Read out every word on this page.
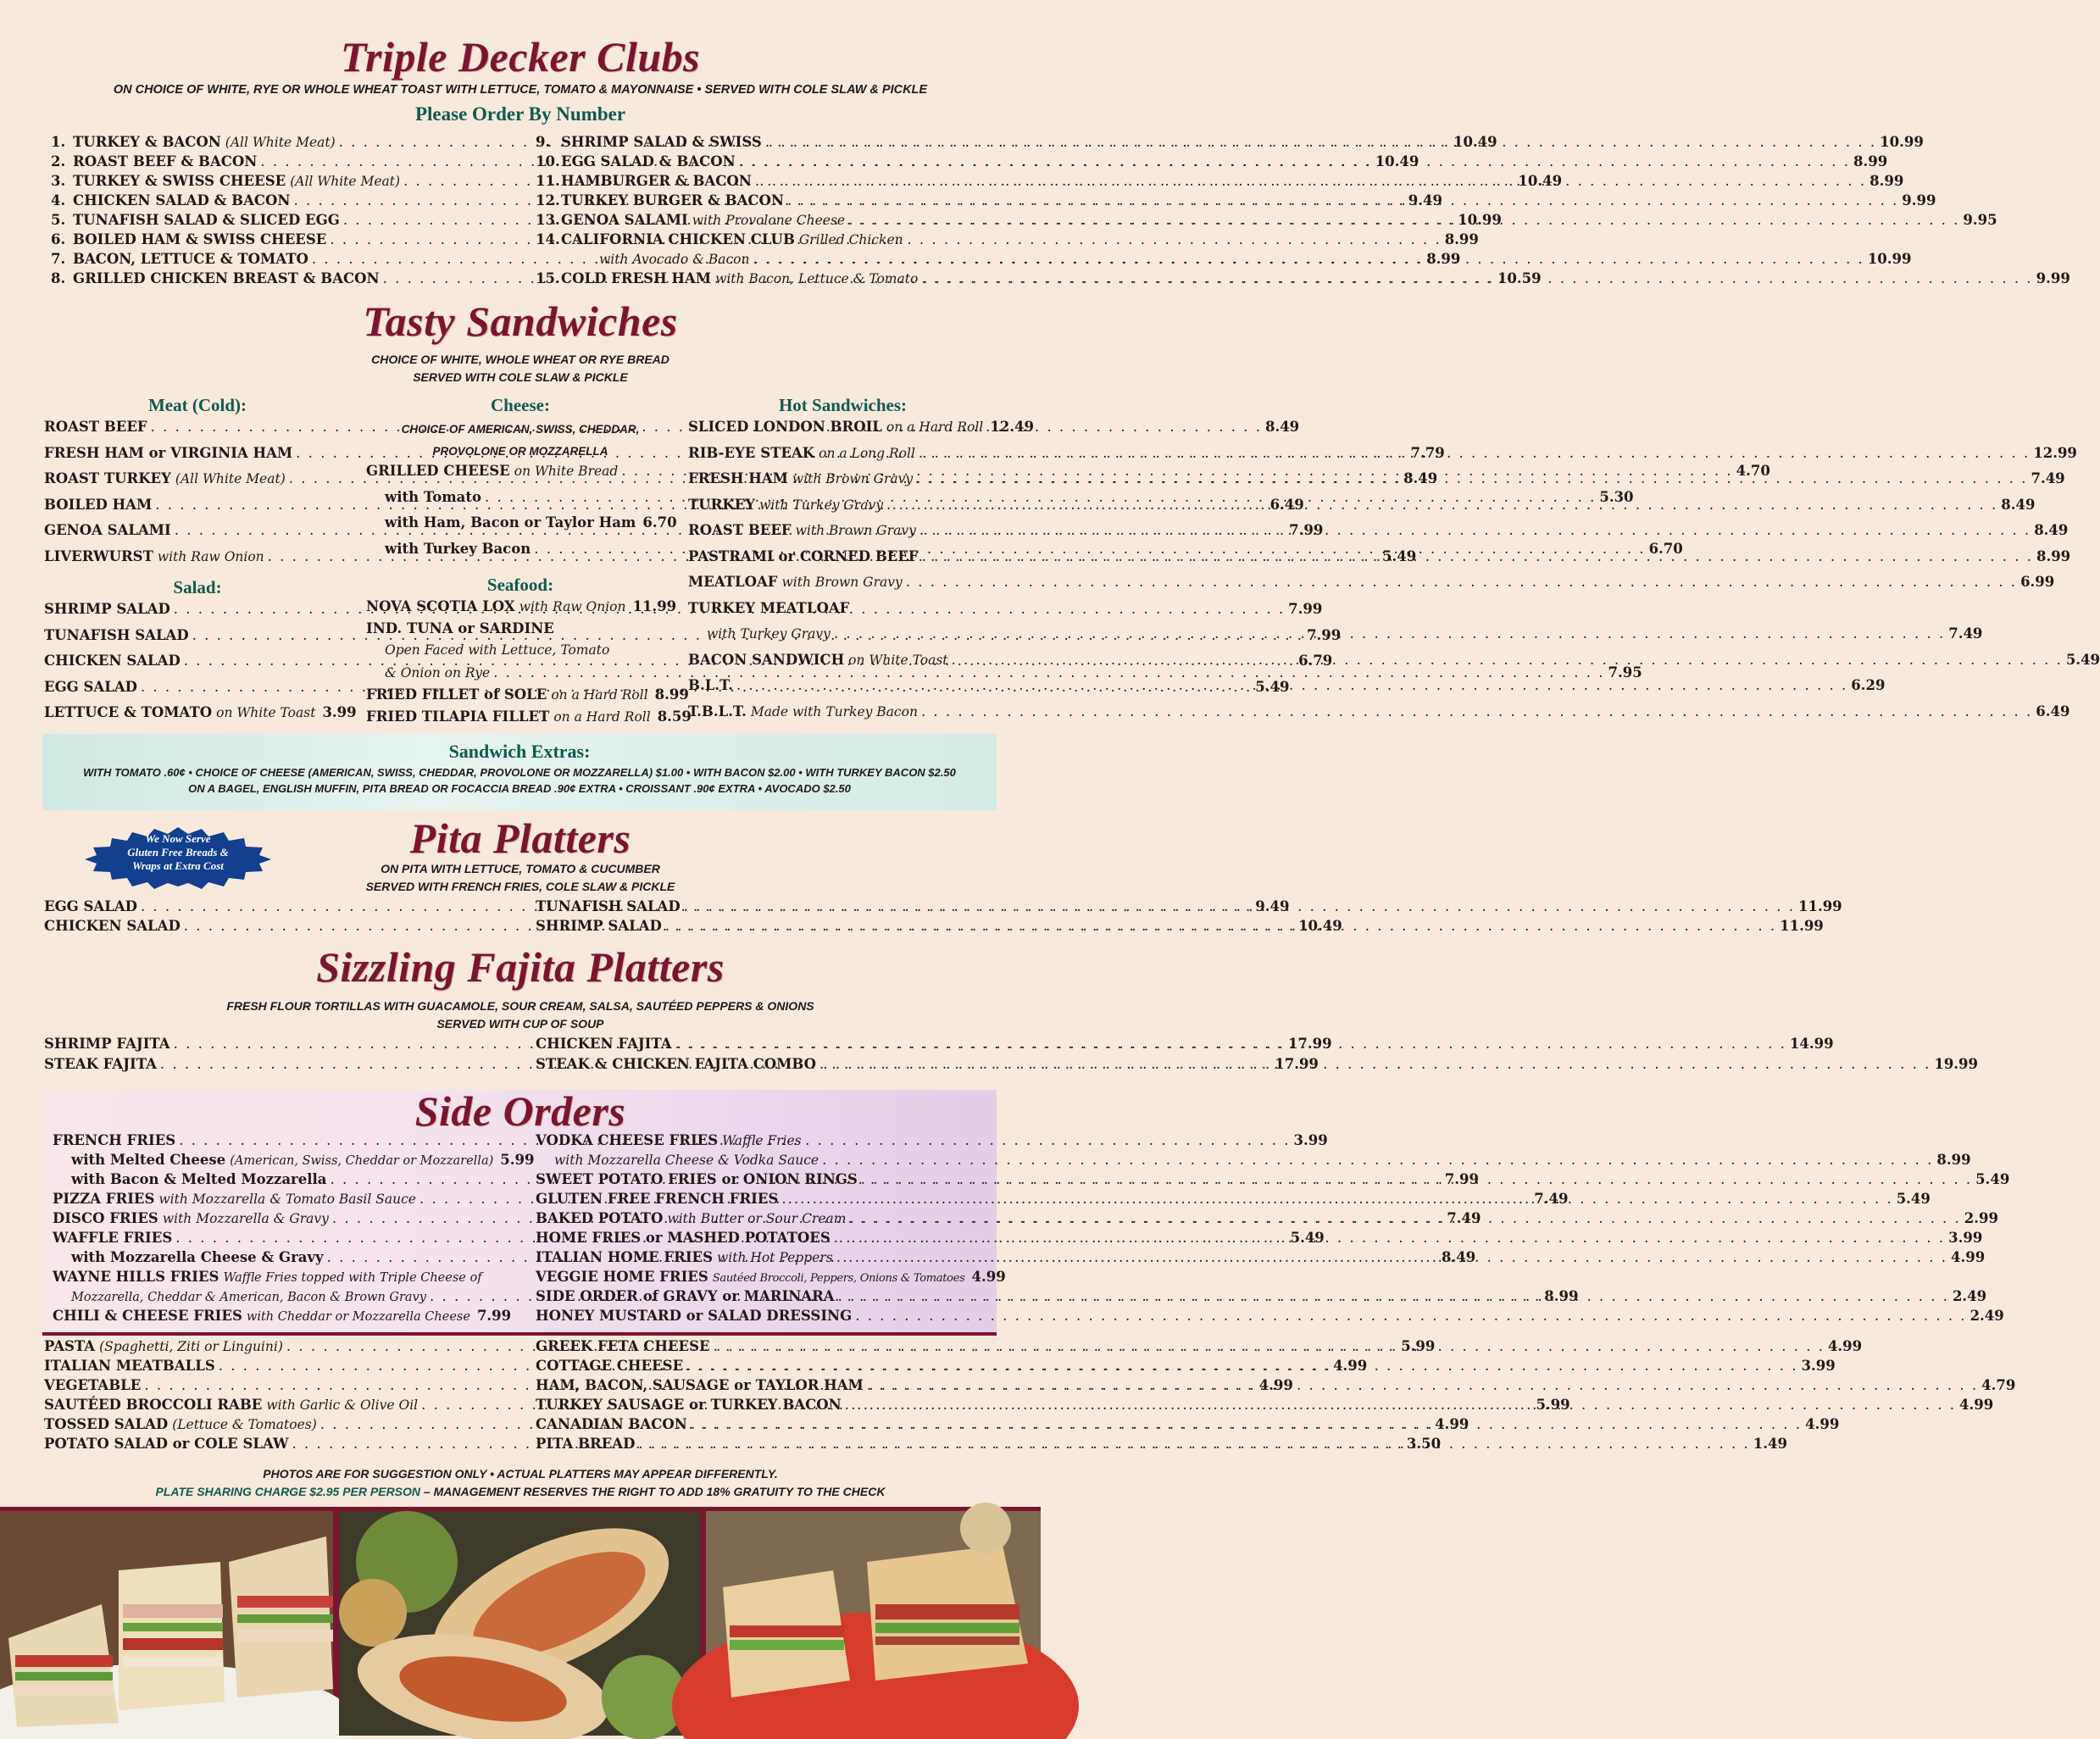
Triple Decker Clubs
ON CHOICE OF WHITE, RYE OR WHOLE WHEAT TOAST WITH LETTUCE, TOMATO & MAYONNAISE • SERVED WITH COLE SLAW & PICKLE
Please Order By Number
1. TURKEY & BACON (All White Meat) . . .	10.49
2. ROAST BEEF & BACON . . .	10.49
3. TURKEY & SWISS CHEESE (All White Meat) . . .	10.49
4. CHICKEN SALAD & BACON . . .	9.49
5. TUNAFISH SALAD & SLICED EGG . . .	10.99
6. BOILED HAM & SWISS CHEESE . . .	8.99
7. BACON, LETTUCE & TOMATO . . .	8.99
8. GRILLED CHICKEN BREAST & BACON . . .	10.59
9. SHRIMP SALAD & SWISS . . .	10.99
10. EGG SALAD & BACON . . .	8.99
11. HAMBURGER & BACON . . .	8.99
12. TURKEY BURGER & BACON . . .	9.99
13. GENOA SALAMI with Provolone Cheese . . .	9.95
14. CALIFORNIA CHICKEN CLUB Grilled Chicken
with Avocado & Bacon . . .	10.99
15. COLD FRESH HAM with Bacon, Lettuce & Tomato . . .	9.99
Tasty Sandwiches
CHOICE OF WHITE, WHOLE WHEAT OR RYE BREAD
SERVED WITH COLE SLAW & PICKLE
Meat (Cold):
ROAST BEEF . . .	8.49
FRESH HAM or VIRGINIA HAM . . .	7.79
ROAST TURKEY (All White Meat) . . .	8.49
BOILED HAM . . .	6.49
GENOA SALAMI . . .	7.99
LIVERWURST with Raw Onion . . .	5.49
Salad:
SHRIMP SALAD . . .	7.99
TUNAFISH SALAD . . .	7.99
CHICKEN SALAD . . .	6.79
EGG SALAD . . .	5.49
LETTUCE & TOMATO on White Toast 3.99
Cheese:
CHOICE OF AMERICAN, SWISS, CHEDDAR,
PROVOLONE OR MOZZARELLA
GRILLED CHEESE on White Bread . . .	4.70
with Tomato . . .	5.30
with Ham, Bacon or Taylor Ham 6.70
with Turkey Bacon . . .	6.70
Seafood:
NOVA SCOTIA LOX with Raw Onion 11.99
IND. TUNA or SARDINE
Open Faced with Lettuce, Tomato
& Onion on Rye . . .	7.95
FRIED FILLET of SOLE on a Hard Roll 8.99
FRIED TILAPIA FILLET on a Hard Roll 8.59
Hot Sandwiches:
SLICED LONDON BROIL on a Hard Roll 12.49
RIB-EYE STEAK on a Long Roll . . .	12.99
FRESH HAM with Brown Gravy . . .	7.49
TURKEY with Turkey Gravy . . .	8.49
ROAST BEEF with Brown Gravy . . .	8.49
PASTRAMI or CORNED BEEF . . .	8.99
MEATLOAF with Brown Gravy . . .	6.99
TURKEY MEATLOAF
with Turkey Gravy . . .	7.49
BACON SANDWICH on White Toast . . .	5.49
B.L.T. . . .	6.29
T.B.L.T. Made with Turkey Bacon . . .	6.49
Sandwich Extras:
WITH TOMATO .60¢ • CHOICE OF CHEESE (AMERICAN, SWISS, CHEDDAR, PROVOLONE OR MOZZARELLA) $1.00 • WITH BACON $2.00 • WITH TURKEY BACON $2.50
ON A BAGEL, ENGLISH MUFFIN, PITA BREAD OR FOCACCIA BREAD .90¢ EXTRA • CROISSANT .90¢ EXTRA • AVOCADO $2.50
We Now Serve
Gluten Free Breads &
Wraps at Extra Cost
Pita Platters
ON PITA WITH LETTUCE, TOMATO & CUCUMBER
SERVED WITH FRENCH FRIES, COLE SLAW & PICKLE
EGG SALAD . . .	9.49
CHICKEN SALAD . . .	10.49
TUNAFISH SALAD . . .	11.99
SHRIMP SALAD . . .	11.99
Sizzling Fajita Platters
FRESH FLOUR TORTILLAS WITH GUACAMOLE, SOUR CREAM, SALSA, SAUTÉED PEPPERS & ONIONS
SERVED WITH CUP OF SOUP
SHRIMP FAJITA . . .	17.99
STEAK FAJITA . . .	17.99
CHICKEN FAJITA . . .	14.99
STEAK & CHICKEN FAJITA COMBO . . .	19.99
Side Orders
FRENCH FRIES . . .	3.99
with Melted Cheese (American, Swiss, Cheddar or Mozzarella) 5.99
with Bacon & Melted Mozzarella . . .	7.99
PIZZA FRIES with Mozzarella & Tomato Basil Sauce . . .	7.49
DISCO FRIES with Mozzarella & Gravy . . .	7.49
WAFFLE FRIES . . .	5.49
with Mozzarella Cheese & Gravy . . .	8.49
WAYNE HILLS FRIES Waffle Fries topped with Triple Cheese of
Mozzarella, Cheddar & American, Bacon & Brown Gravy . . .	8.99
CHILI & CHEESE FRIES with Cheddar or Mozzarella Cheese 7.99
VODKA CHEESE FRIES Waffle Fries
with Mozzarella Cheese & Vodka Sauce . . .	8.99
SWEET POTATO FRIES or ONION RINGS . . .	5.49
GLUTEN FREE FRENCH FRIES . . .	5.49
BAKED POTATO with Butter or Sour Cream . . .	2.99
HOME FRIES or MASHED POTATOES . . .	3.99
ITALIAN HOME FRIES with Hot Peppers . . .	4.99
VEGGIE HOME FRIES Sautéed Broccoli, Peppers, Onions & Tomatoes 4.99
SIDE ORDER of GRAVY or MARINARA . . .	2.49
HONEY MUSTARD or SALAD DRESSING . . .	2.49
PASTA (Spaghetti, Ziti or Linguini) . . .	5.99
ITALIAN MEATBALLS . . .	4.99
VEGETABLE . . .	4.99
SAUTÉED BROCCOLI RABE with Garlic & Olive Oil . . .	5.99
TOSSED SALAD (Lettuce & Tomatoes) . . .	4.99
POTATO SALAD or COLE SLAW . . .	3.50
GREEK FETA CHEESE . . .	4.99
COTTAGE CHEESE . . .	3.99
HAM, BACON, SAUSAGE or TAYLOR HAM . . .	4.79
TURKEY SAUSAGE or TURKEY BACON . . .	4.99
CANADIAN BACON . . .	4.99
PITA BREAD . . .	1.49
PHOTOS ARE FOR SUGGESTION ONLY • ACTUAL PLATTERS MAY APPEAR DIFFERENTLY.
PLATE SHARING CHARGE $2.95 PER PERSON – MANAGEMENT RESERVES THE RIGHT TO ADD 18% GRATUITY TO THE CHECK
